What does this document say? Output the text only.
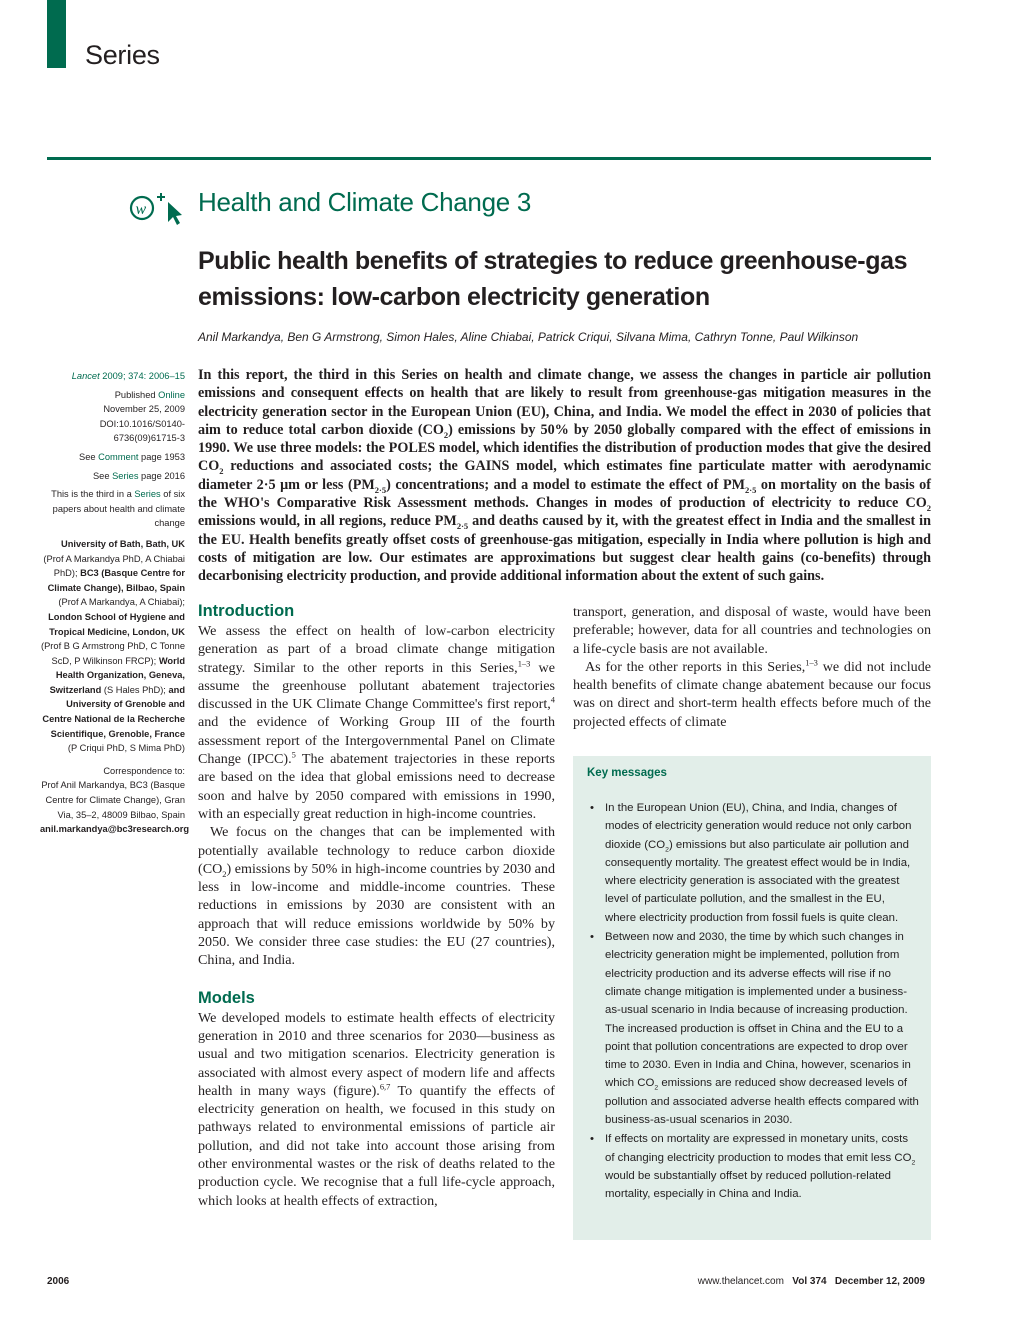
Series
w Health and Climate Change 3
Public health benefits of strategies to reduce greenhouse-gas emissions: low-carbon electricity generation
Anil Markandya, Ben G Armstrong, Simon Hales, Aline Chiabai, Patrick Criqui, Silvana Mima, Cathryn Tonne, Paul Wilkinson

Lancet 2009; 374: 2006–15

Published Online
November 25, 2009
DOI:10.1016/S0140-6736(09)61715-3

See Comment page 1953

See Series page 2016

This is the third in a Series of six papers about health and climate change

University of Bath, Bath, UK (Prof A Markandya PhD, A Chiabai PhD); BC3 (Basque Centre for Climate Change), Bilbao, Spain (Prof A Markandya, A Chiabai); London School of Hygiene and Tropical Medicine, London, UK (Prof B G Armstrong PhD, C Tonne ScD, P Wilkinson FRCP); World Health Organization, Geneva, Switzerland (S Hales PhD); and University of Grenoble and Centre National de la Recherche Scientifique, Grenoble, France (P Criqui PhD, S Mima PhD)

Correspondence to:
Prof Anil Markandya, BC3 (Basque Centre for Climate Change), Gran Via, 35–2, 48009 Bilbao, Spain
anil.markandya@bc3research.org

In this report, the third in this Series on health and climate change, we assess the changes in particle air pollution emissions and consequent effects on health that are likely to result from greenhouse-gas mitigation measures in the electricity generation sector in the European Union (EU), China, and India. We model the effect in 2030 of policies that aim to reduce total carbon dioxide $(CO_2)$ emissions by 50% by 2050 globally compared with the effect of emissions in 1990. We use three models: the POLES model, which identifies the distribution of production modes that give the desired $CO_2$ reductions and associated costs; the GAINS model, which estimates fine particulate matter with aerodynamic diameter 2·5 μm or less $(PM_{2\cdot 5})$ concentrations; and a model to estimate the effect of $PM_{2\cdot 5}$ on mortality on the basis of the WHO's Comparative Risk Assessment methods. Changes in modes of production of electricity to reduce $CO_2$ emissions would, in all regions, reduce $PM_{2\cdot 5}$ and deaths caused by it, with the greatest effect in India and the smallest in the EU. Health benefits greatly offset costs of greenhouse-gas mitigation, especially in India where pollution is high and costs of mitigation are low. Our estimates are approximations but suggest clear health gains (co-benefits) through decarbonising electricity production, and provide additional information about the extent of such gains.
Introduction

We assess the effect on health of low-carbon electricity generation as part of a broad climate change mitigation strategy. Similar to the other reports in this Series,$^{1-3}$ we assume the greenhouse pollutant abatement trajectories discussed in the UK Climate Change Committee's first report,$^4$ and the evidence of Working Group III of the fourth assessment report of the Intergovernmental Panel on Climate Change (IPCC).$^5$ The abatement trajectories in these reports are based on the idea that global emissions need to decrease soon and halve by 2050 compared with emissions in 1990, with an especially great reduction in high-income countries.

We focus on the changes that can be implemented with potentially available technology to reduce carbon dioxide $(CO_2)$ emissions by 50% in high-income countries by 2030 and less in low-income and middle-income countries. These reductions in emissions by 2030 are consistent with an approach that will reduce emissions worldwide by 50% by 2050. We consider three case studies: the EU (27 countries), China, and India.

Models

We developed models to estimate health effects of electricity generation in 2010 and three scenarios for 2030—business as usual and two mitigation scenarios. Electricity generation is associated with almost every aspect of modern life and affects health in many ways (figure).$^{6,7}$ To quantify the effects of electricity generation on health, we focused in this study on pathways related to environmental emissions of particle air pollution, and did not take into account those arising from other environmental wastes or the risk of deaths related to the production cycle. We recognise that a full life-cycle approach, which looks at health effects of extraction,

transport, generation, and disposal of waste, would have been preferable; however, data for all countries and technologies on a life-cycle basis are not available.

As for the other reports in this Series,$^{1-3}$ we did not include health benefits of climate change abatement because our focus was on direct and short-term health effects before much of the projected effects of climate

Key messages
• In the European Union (EU), China, and India, changes of modes of electricity generation would reduce not only carbon dioxide $(CO_2)$ emissions but also particulate air pollution and consequently mortality. The greatest effect would be in India, where electricity generation is associated with the greatest level of particulate pollution, and the smallest in the EU, where electricity production from fossil fuels is quite clean.
• Between now and 2030, the time by which such changes in electricity generation might be implemented, pollution from electricity production and its adverse effects will rise if no climate change mitigation is implemented under a business-as-usual scenario in India because of increasing production. The increased production is offset in China and the EU to a point that pollution concentrations are expected to drop over time to 2030. Even in India and China, however, scenarios in which $CO_2$ emissions are reduced show decreased levels of pollution and associated adverse health effects compared with business-as-usual scenarios in 2030.
• If effects on mortality are expressed in monetary units, costs of changing electricity production to modes that emit less $CO_2$ would be substantially offset by reduced pollution-related mortality, especially in China and India.
2006	www.thelancet.com Vol 374 December 12, 2009
